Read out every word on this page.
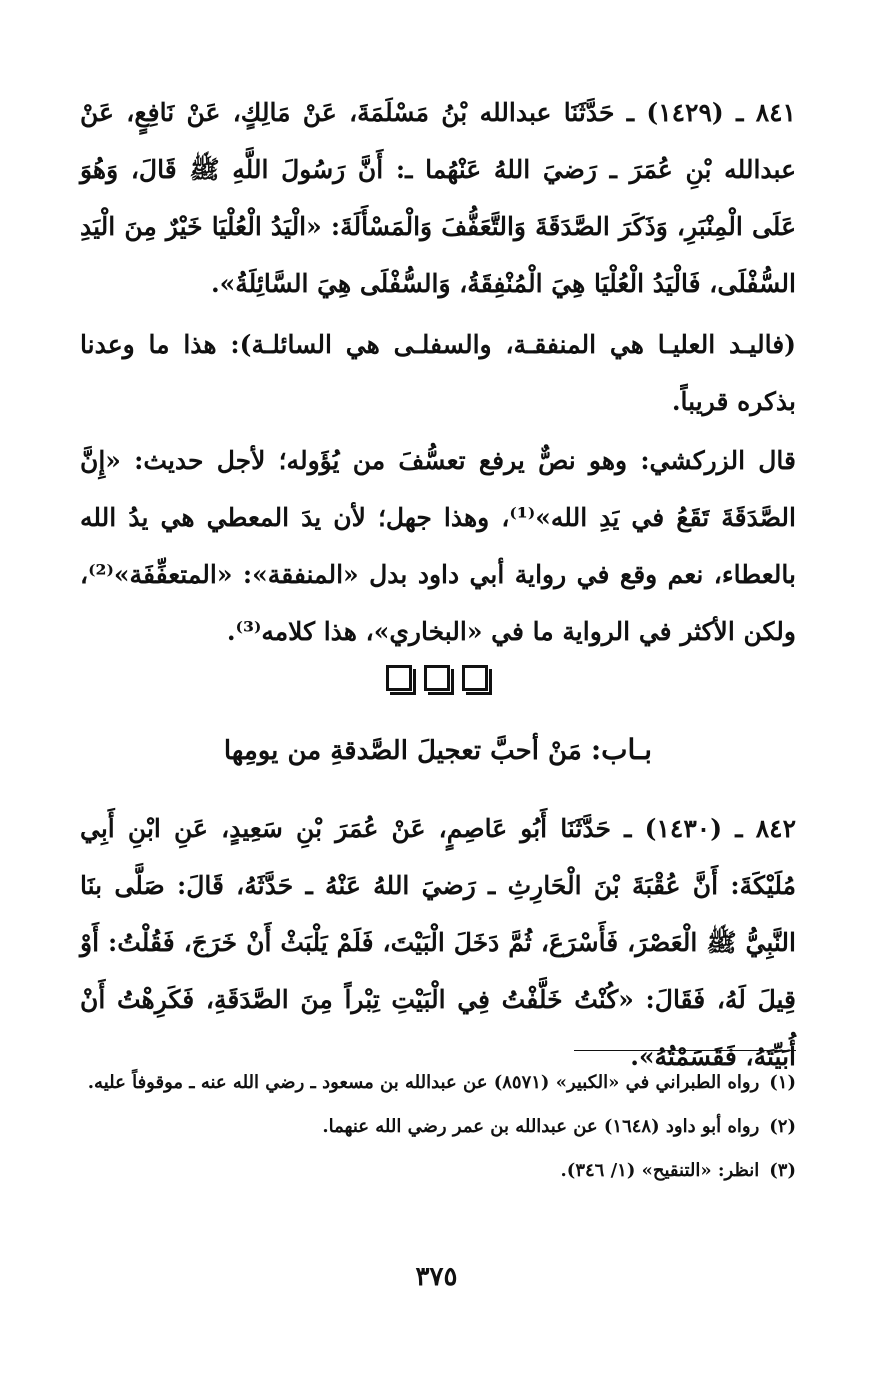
٨٤١ ـ (١٤٢٩) ـ حَدَّثَنَا عبدالله بْنُ مَسْلَمَةَ، عَنْ مَالِكٍ، عَنْ نَافِعٍ، عَنْ عبدالله بْنِ عُمَرَ ـ رَضيَ اللهُ عَنْهُما ـ: أَنَّ رَسُولَ اللَّهِ ﷺ قَالَ، وَهُوَ عَلَى الْمِنْبَرِ، وَذَكَرَ الصَّدَقَةَ وَالتَّعَفُّفَ وَالْمَسْأَلَةَ: «الْيَدُ الْعُلْيَا خَيْرٌ مِنَ الْيَدِ السُّفْلَى، فَالْيَدُ الْعُلْيَا هِيَ الْمُنْفِقَةُ، وَالسُّفْلَى هِيَ السَّائِلَةُ».

(فاليـد العليـا هي المنفقـة، والسفلـى هي السائلـة): هذا ما وعدنا بذكره قريباً.

قال الزركشي: وهو نصٌّ يرفع تعسُّفَ من يُؤَوله؛ لأجل حديث: «إِنَّ الصَّدَقَةَ تَقَعُ في يَدِ الله»⁽¹⁾، وهذا جهل؛ لأن يدَ المعطي هي يدُ الله بالعطاء، نعم وقع في رواية أبي داود بدل «المنفقة»: «المتعفِّفَة»⁽²⁾، ولكن الأكثر في الرواية ما في «البخاري»، هذا كلامه⁽³⁾.

بـاب: مَنْ أحبَّ تعجيلَ الصَّدقةِ من يومِها

٨٤٢ ـ (١٤٣٠) ـ حَدَّثَنَا أَبُو عَاصِمٍ، عَنْ عُمَرَ بْنِ سَعِيدٍ، عَنِ ابْنِ أَبِي مُلَيْكَةَ: أَنَّ عُقْبَةَ بْنَ الْحَارِثِ ـ رَضيَ اللهُ عَنْهُ ـ حَدَّثَهُ، قَالَ: صَلَّى بنَا النَّبِيُّ ﷺ الْعَصْرَ، فَأَسْرَعَ، ثُمَّ دَخَلَ الْبَيْتَ، فَلَمْ يَلْبَثْ أَنْ خَرَجَ، فَقُلْتُ: أَوْ قِيلَ لَهُ، فَقَالَ: «كُنْتُ خَلَّفْتُ فِي الْبَيْتِ تِبْراً مِنَ الصَّدَقَةِ، فَكَرِهْتُ أَنْ أُبَيِّتَهُ، فَقَسَمْتُهُ».

(١)
رواه الطبراني في «الكبير» (٨٥٧١) عن عبدالله بن مسعود ـ رضي الله عنه ـ موقوفاً عليه.
(٢)
رواه أبو داود (١٦٤٨) عن عبدالله بن عمر رضي الله عنهما.
(٣)
انظر: «التنقيح» (١/ ٣٤٦).
٣٧٥
